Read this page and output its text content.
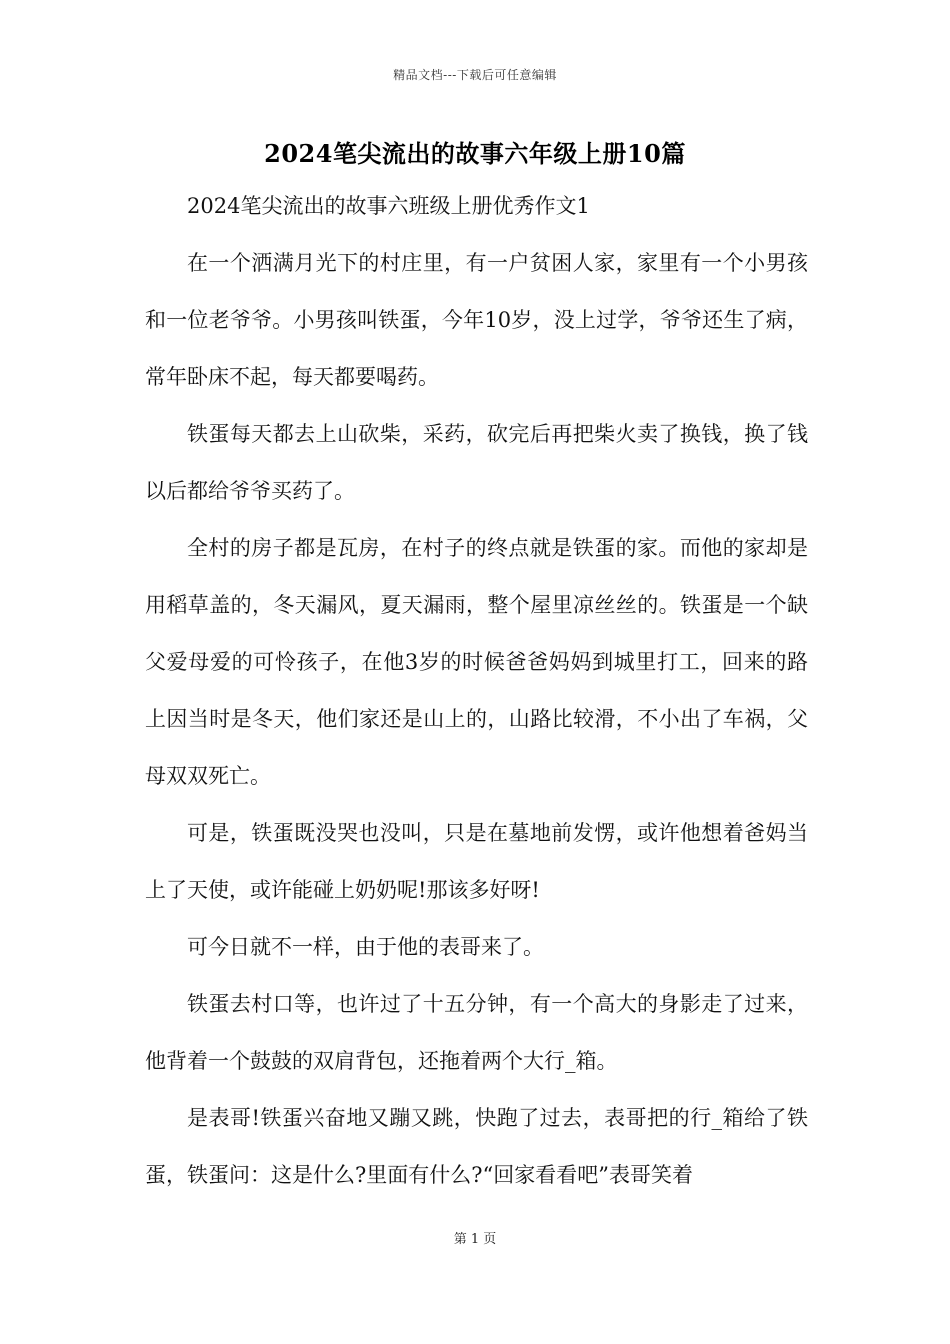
精品文档---下载后可任意编辑
2024笔尖流出的故事六年级上册10篇

2024笔尖流出的故事六班级上册优秀作文1

在一个洒满月光下的村庄里，有一户贫困人家，家里有一个小男孩和一位老爷爷。小男孩叫铁蛋，今年10岁，没上过学，爷爷还生了病，常年卧床不起，每天都要喝药。

铁蛋每天都去上山砍柴，采药，砍完后再把柴火卖了换钱，换了钱以后都给爷爷买药了。

全村的房子都是瓦房，在村子的终点就是铁蛋的家。而他的家却是用稻草盖的，冬天漏风，夏天漏雨，整个屋里凉丝丝的。铁蛋是一个缺父爱母爱的可怜孩子，在他3岁的时候爸爸妈妈到城里打工，回来的路上因当时是冬天，他们家还是山上的，山路比较滑，不小出了车祸，父母双双死亡。

可是，铁蛋既没哭也没叫，只是在墓地前发愣，或许他想着爸妈当上了天使，或许能碰上奶奶呢!那该多好呀!

可今日就不一样，由于他的表哥来了。

铁蛋去村口等，也许过了十五分钟，有一个高大的身影走了过来，他背着一个鼓鼓的双肩背包，还拖着两个大行_箱。

是表哥!铁蛋兴奋地又蹦又跳，快跑了过去，表哥把的行_箱给了铁蛋，铁蛋问：这是什么?里面有什么?“回家看看吧”表哥笑着

第 1 页
